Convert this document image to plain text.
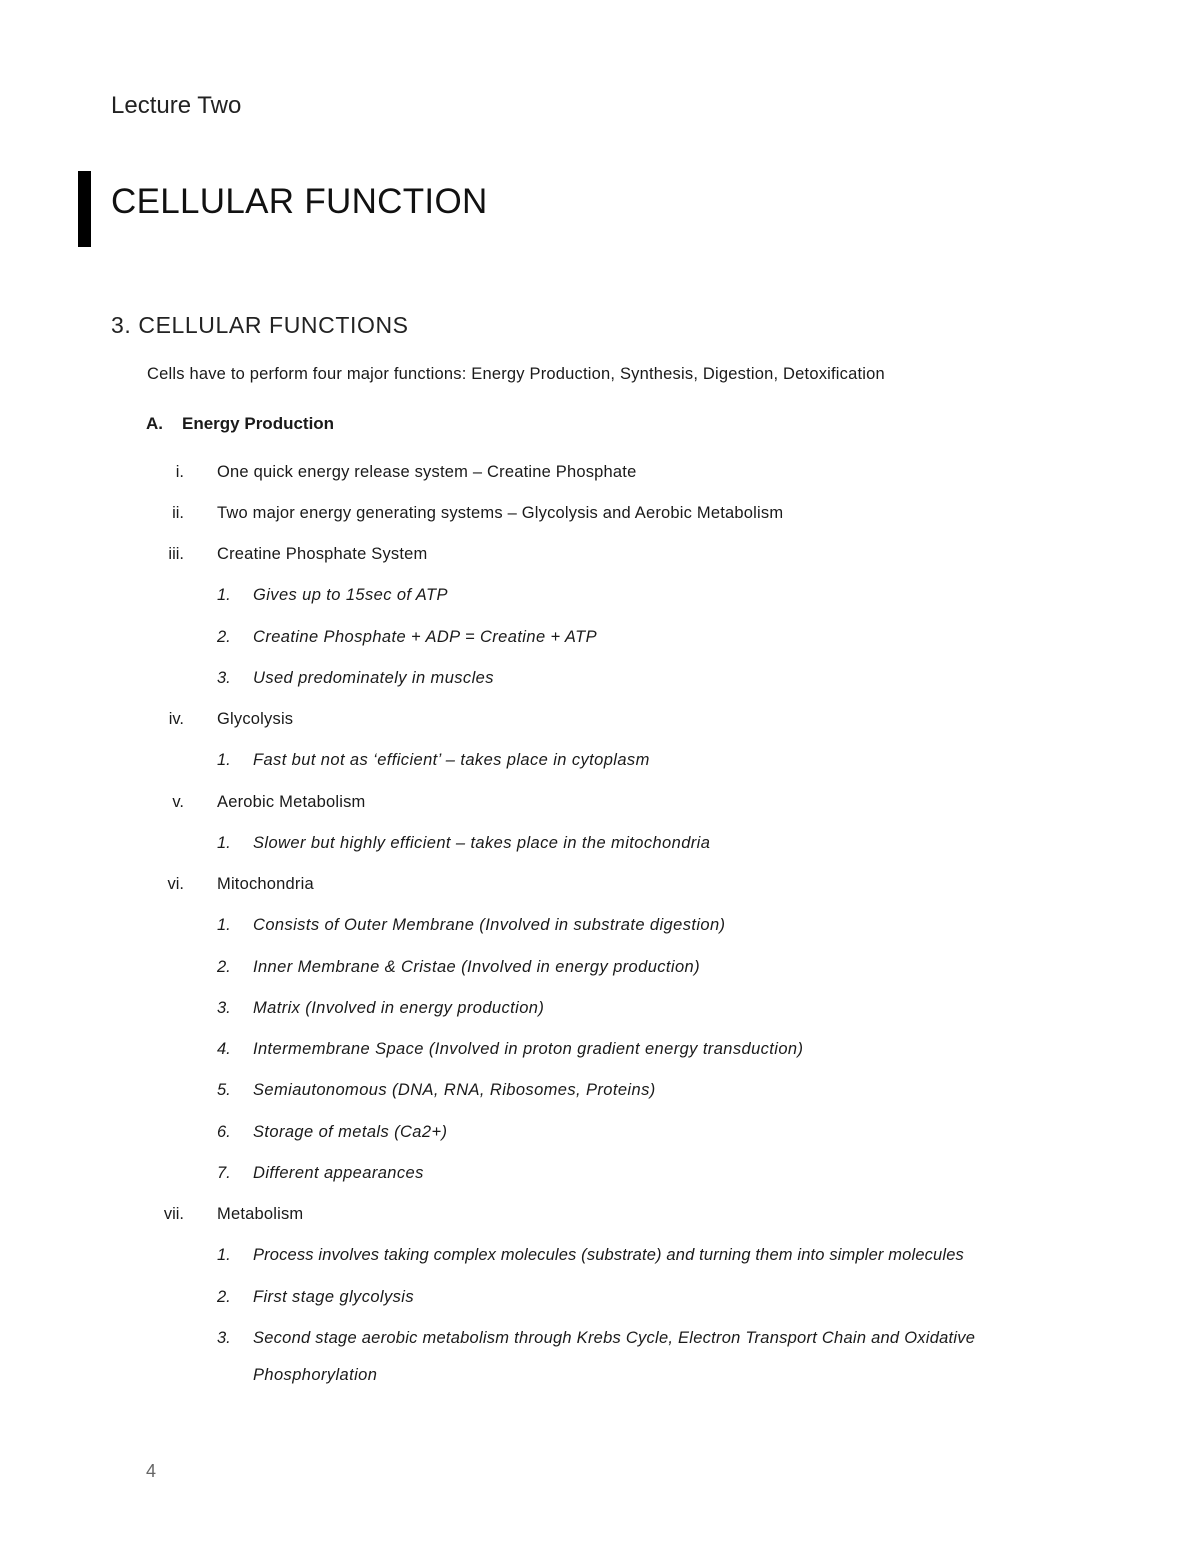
Lecture Two
CELLULAR FUNCTION
3. CELLULAR FUNCTIONS
Cells have to perform four major functions: Energy Production, Synthesis, Digestion, Detoxification
A. Energy Production
i. One quick energy release system – Creatine Phosphate
ii. Two major energy generating systems – Glycolysis and Aerobic Metabolism
iii. Creatine Phosphate System
1. Gives up to 15sec of ATP
2. Creatine Phosphate + ADP = Creatine + ATP
3. Used predominately in muscles
iv. Glycolysis
1. Fast but not as ‘efficient’ – takes place in cytoplasm
v. Aerobic Metabolism
1. Slower but highly efficient – takes place in the mitochondria
vi. Mitochondria
1. Consists of Outer Membrane (Involved in substrate digestion)
2. Inner Membrane & Cristae (Involved in energy production)
3. Matrix (Involved in energy production)
4. Intermembrane Space (Involved in proton gradient energy transduction)
5. Semiautonomous (DNA, RNA, Ribosomes, Proteins)
6. Storage of metals (Ca2+)
7. Different appearances
vii. Metabolism
1. Process involves taking complex molecules (substrate) and turning them into simpler molecules
2. First stage glycolysis
3. Second stage aerobic metabolism through Krebs Cycle, Electron Transport Chain and Oxidative
Phosphorylation
4
